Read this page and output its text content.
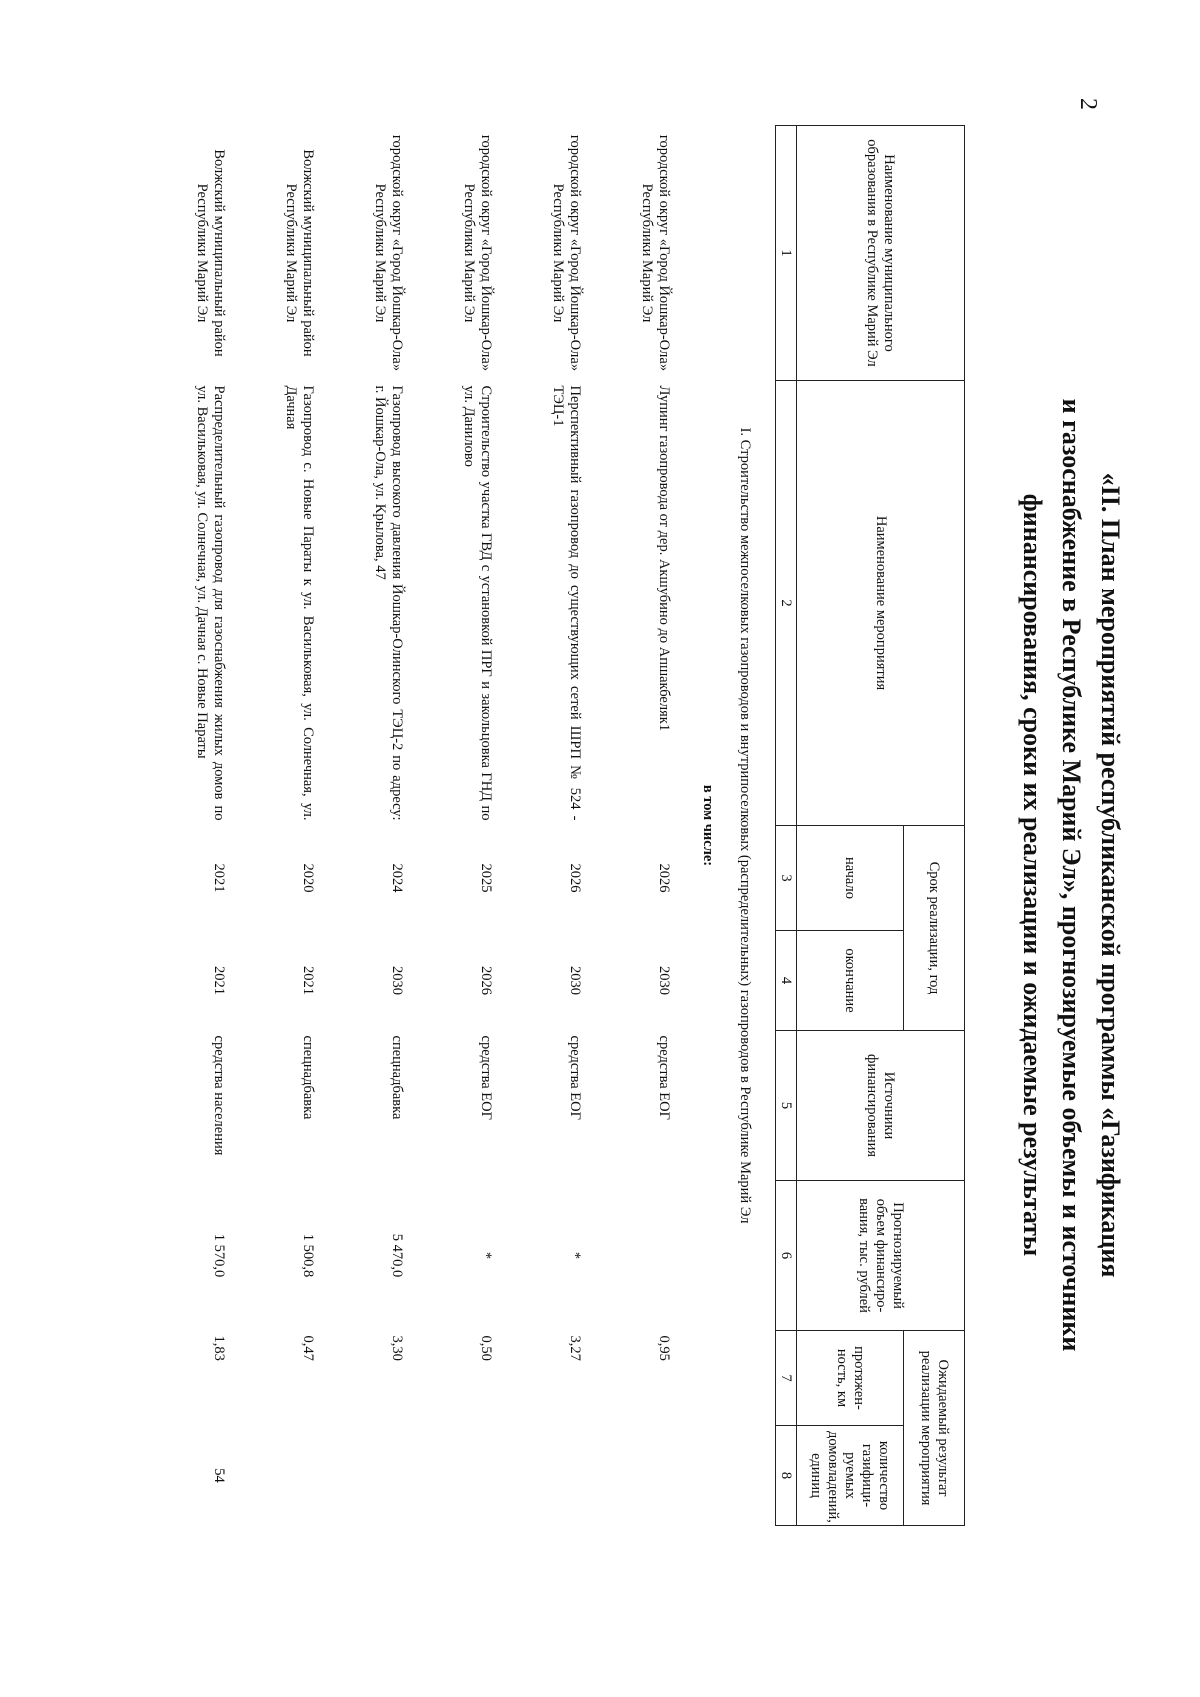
2
«II. План мероприятий республиканской программы «Газификация
и газоснабжение в Республике Марий Эл», прогнозируемые объемы и источники
финансирования, сроки их реализации и ожидаемые результаты
Наименование муниципального образования в Республике Марий Эл	Наименование мероприятия	Срок реализации, год		Источники финансирования	Прогнозируемый объем финансиро-вания, тыс. рублей	Ожидаемый результат реализации мероприятия	
		начало	окончание			протяжен-ность, км	количество газифици-руемых домовладений, единиц
1	2	3	4	5	6	7	8
I. Строительство межпоселковых газопроводов и внутрипоселковых (распределительных) газопроводов в Республике Марий Эл							
в том числе:							
городской округ «Город Йошкар-Ола» Республики Марий Эл	Лупинг газопровода от дер. Акшубино до Апшакбеляк1	2026	2030	средства ЕОГ		0,95	
городской округ «Город Йошкар-Ола» Республики Марий Эл	Перспективный газопровод до существующих сетей ШРП № 524 - ТЭЦ-1	2026	2030	средства ЕОГ	*	3,27	
городской округ «Город Йошкар-Ола» Республики Марий Эл	Строительство участка ГВД с установкой ПРГ и закольцовка ГНД по ул. Данилово	2025	2026	средства ЕОГ	*	0,50	
городской округ «Город Йошкар-Ола» Республики Марий Эл	Газопровод высокого давления Йошкар-Олинского ТЭЦ-2 по адресу: г. Йошкар-Ола, ул. Крылова, 47	2024	2030	спецнадбавка	5 470,0	3,30	
Волжский муниципальный район Республики Марий Эл	Газопровод с. Новые Параты к ул. Васильковая, ул. Солнечная, ул. Дачная	2020	2021	спецнадбавка	1 500,8	0,47	
Волжский муниципальный район Республики Марий Эл	Распределительный газопровод для газоснабжения жилых домов по ул. Васильковая, ул. Солнечная, ул. Дачная с. Новые Параты	2021	2021	средства населения	1 570,0	1,83	54
